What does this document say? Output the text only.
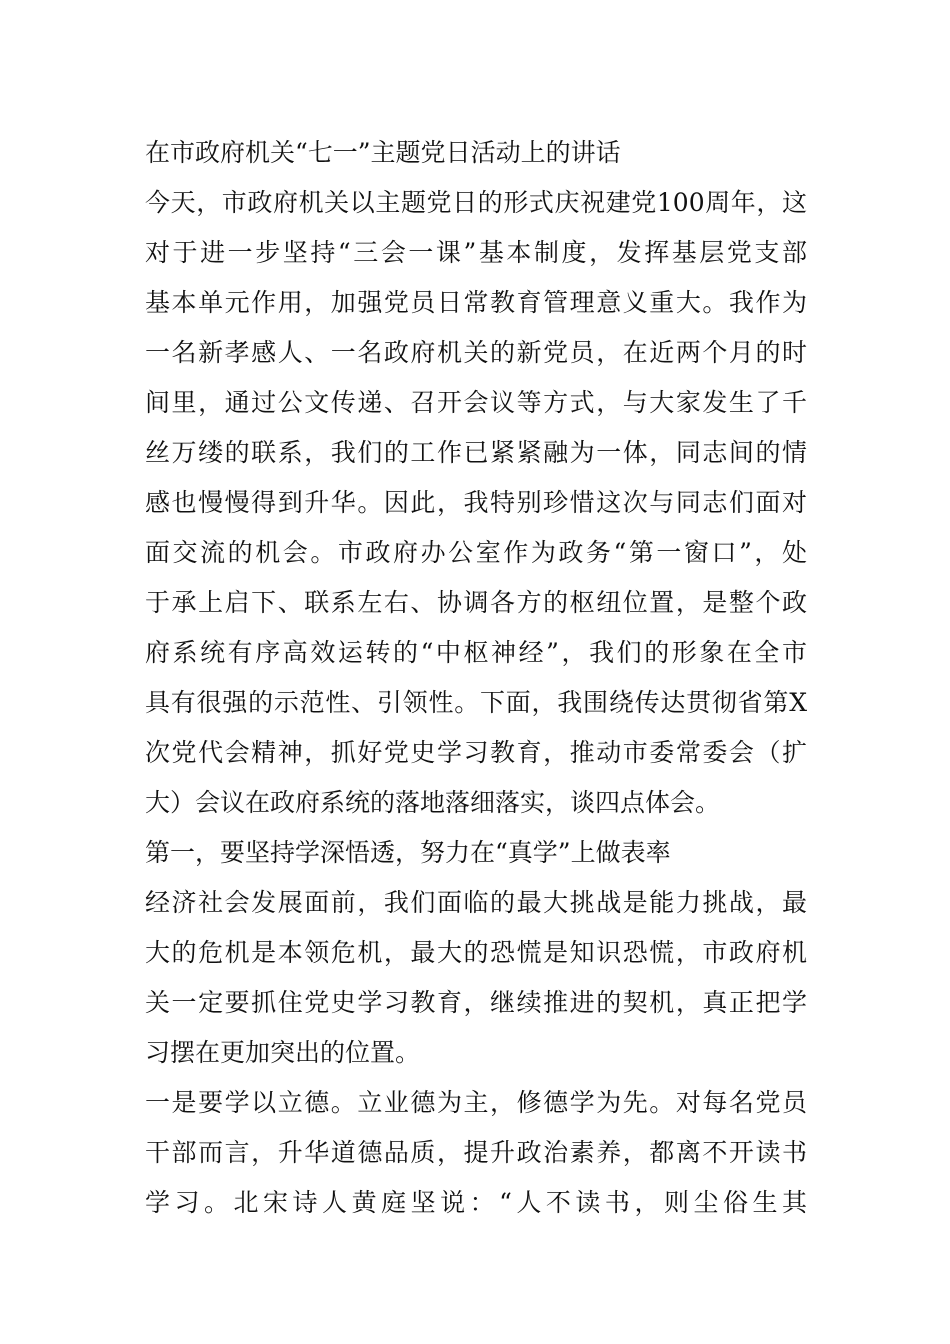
在市政府机关“七一”主题党日活动上的讲话
今天，市政府机关以主题党日的形式庆祝建党100周年，这
对于进一步坚持“三会一课”基本制度，发挥基层党支部
基本单元作用，加强党员日常教育管理意义重大。我作为
一名新孝感人、一名政府机关的新党员，在近两个月的时
间里，通过公文传递、召开会议等方式，与大家发生了千
丝万缕的联系，我们的工作已紧紧融为一体，同志间的情
感也慢慢得到升华。因此，我特别珍惜这次与同志们面对
面交流的机会。市政府办公室作为政务“第一窗口”，处
于承上启下、联系左右、协调各方的枢纽位置，是整个政
府系统有序高效运转的“中枢神经”，我们的形象在全市
具有很强的示范性、引领性。下面，我围绕传达贯彻省第X
次党代会精神，抓好党史学习教育，推动市委常委会（扩
大）会议在政府系统的落地落细落实，谈四点体会。
第一，要坚持学深悟透，努力在“真学”上做表率
经济社会发展面前，我们面临的最大挑战是能力挑战，最
大的危机是本领危机，最大的恐慌是知识恐慌，市政府机
关一定要抓住党史学习教育，继续推进的契机，真正把学
习摆在更加突出的位置。
一是要学以立德。立业德为主，修德学为先。对每名党员
干部而言，升华道德品质，提升政治素养，都离不开读书
学习。北宋诗人黄庭坚说：“人不读书，则尘俗生其
